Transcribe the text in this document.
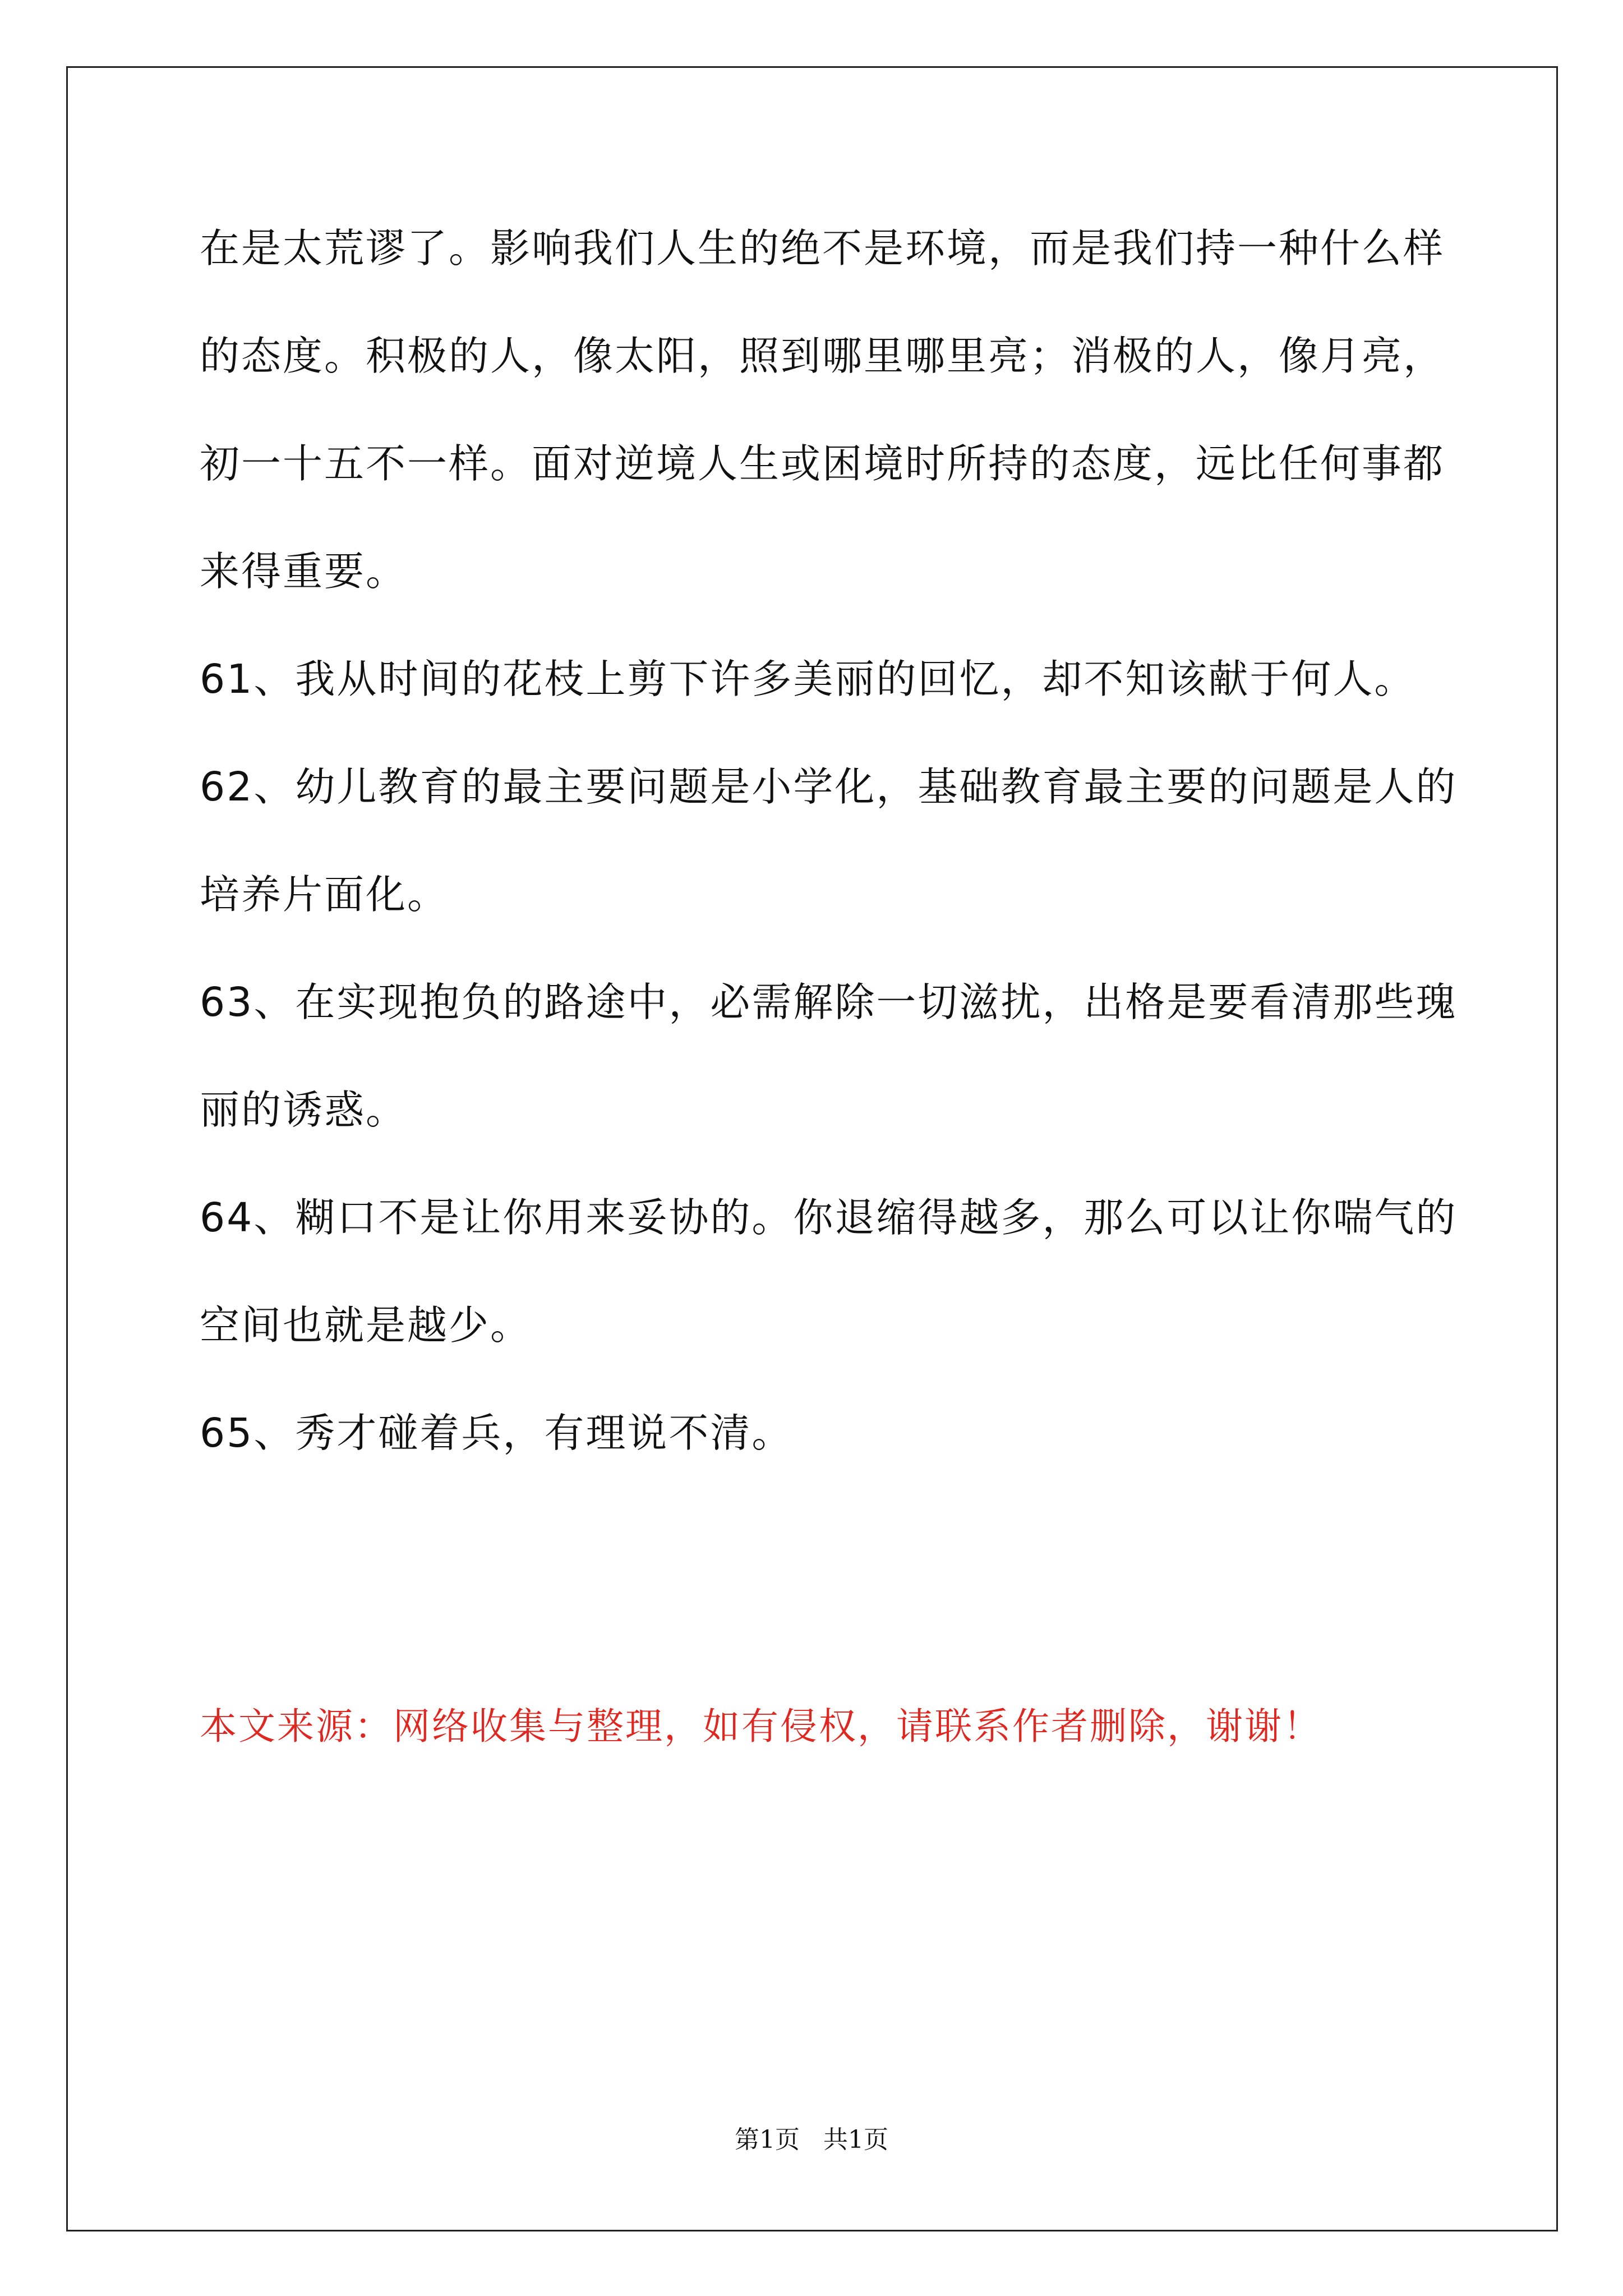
在是太荒谬了。影响我们人生的绝不是环境，而是我们持一种什么样
的态度。积极的人，像太阳，照到哪里哪里亮；消极的人，像月亮，
初一十五不一样。面对逆境人生或困境时所持的态度，远比任何事都
来得重要。
61、我从时间的花枝上剪下许多美丽的回忆，却不知该献于何人。
62、幼儿教育的最主要问题是小学化，基础教育最主要的问题是人的
培养片面化。
63、在实现抱负的路途中，必需解除一切滋扰，出格是要看清那些瑰
丽的诱惑。
64、糊口不是让你用来妥协的。你退缩得越多，那么可以让你喘气的
空间也就是越少。
65、秀才碰着兵，有理说不清。
本文来源：网络收集与整理，如有侵权，请联系作者删除，谢谢！
第1页   共1页
